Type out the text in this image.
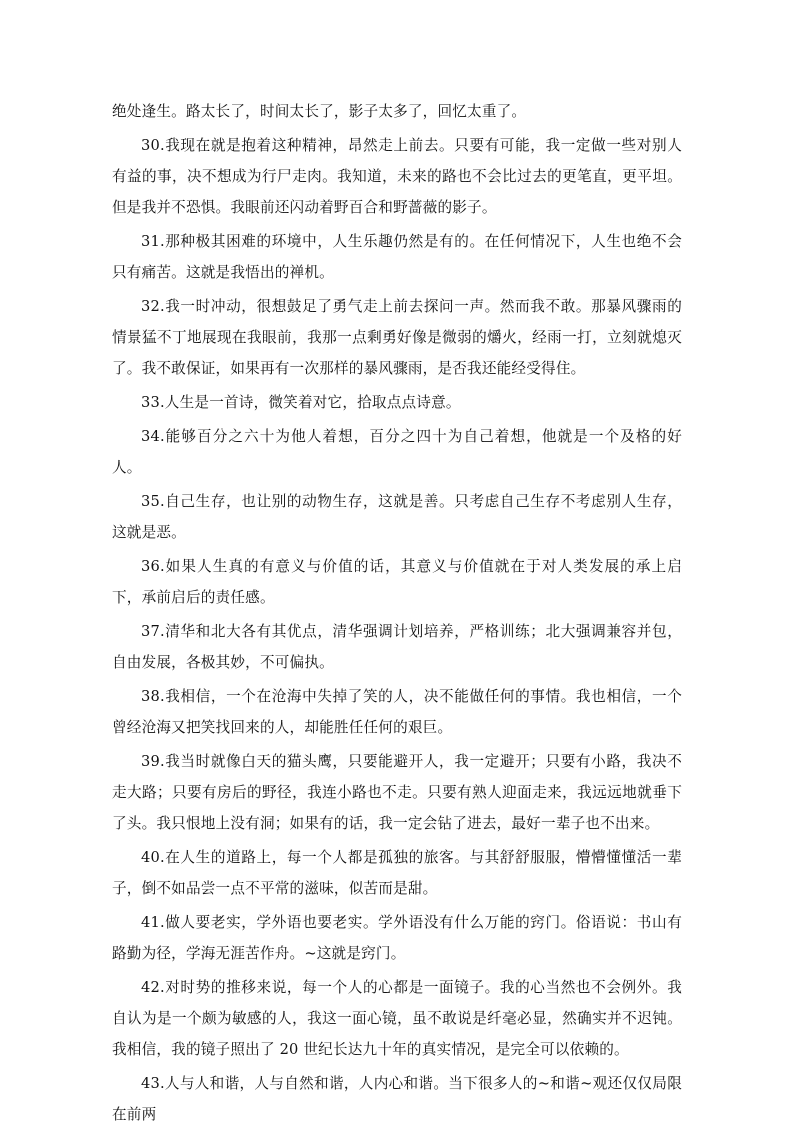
绝处逢生。路太长了，时间太长了，影子太多了，回忆太重了。

30.我现在就是抱着这种精神，昂然走上前去。只要有可能，我一定做一些对别人有益的事，决不想成为行尸走肉。我知道，未来的路也不会比过去的更笔直，更平坦。但是我并不恐惧。我眼前还闪动着野百合和野蔷薇的影子。

31.那种极其困难的环境中，人生乐趣仍然是有的。在任何情况下，人生也绝不会只有痛苦。这就是我悟出的禅机。

32.我一时冲动，很想鼓足了勇气走上前去探问一声。然而我不敢。那暴风骤雨的情景猛不丁地展现在我眼前，我那一点剩勇好像是微弱的爝火，经雨一打，立刻就熄灭了。我不敢保证，如果再有一次那样的暴风骤雨，是否我还能经受得住。

33.人生是一首诗，微笑着对它，拾取点点诗意。

34.能够百分之六十为他人着想，百分之四十为自己着想，他就是一个及格的好人。

35.自己生存，也让别的动物生存，这就是善。只考虑自己生存不考虑别人生存，这就是恶。

36.如果人生真的有意义与价值的话，其意义与价值就在于对人类发展的承上启下，承前启后的责任感。

37.清华和北大各有其优点，清华强调计划培养，严格训练；北大强调兼容并包，自由发展，各极其妙，不可偏执。

38.我相信，一个在沧海中失掉了笑的人，决不能做任何的事情。我也相信，一个曾经沧海又把笑找回来的人，却能胜任任何的艰巨。

39.我当时就像白天的猫头鹰，只要能避开人，我一定避开；只要有小路，我决不走大路；只要有房后的野径，我连小路也不走。只要有熟人迎面走来，我远远地就垂下了头。我只恨地上没有洞；如果有的话，我一定会钻了进去，最好一辈子也不出来。

40.在人生的道路上，每一个人都是孤独的旅客。与其舒舒服服，懵懵懂懂活一辈子，倒不如品尝一点不平常的滋味，似苦而是甜。

41.做人要老实，学外语也要老实。学外语没有什么万能的窍门。俗语说：书山有路勤为径，学海无涯苦作舟。~这就是窍门。

42.对时势的推移来说，每一个人的心都是一面镜子。我的心当然也不会例外。我自认为是一个颇为敏感的人，我这一面心镜，虽不敢说是纤毫必显，然确实并不迟钝。我相信，我的镜子照出了 20 世纪长达九十年的真实情况，是完全可以依赖的。

43.人与人和谐，人与自然和谐，人内心和谐。当下很多人的~和谐~观还仅仅局限在前两
